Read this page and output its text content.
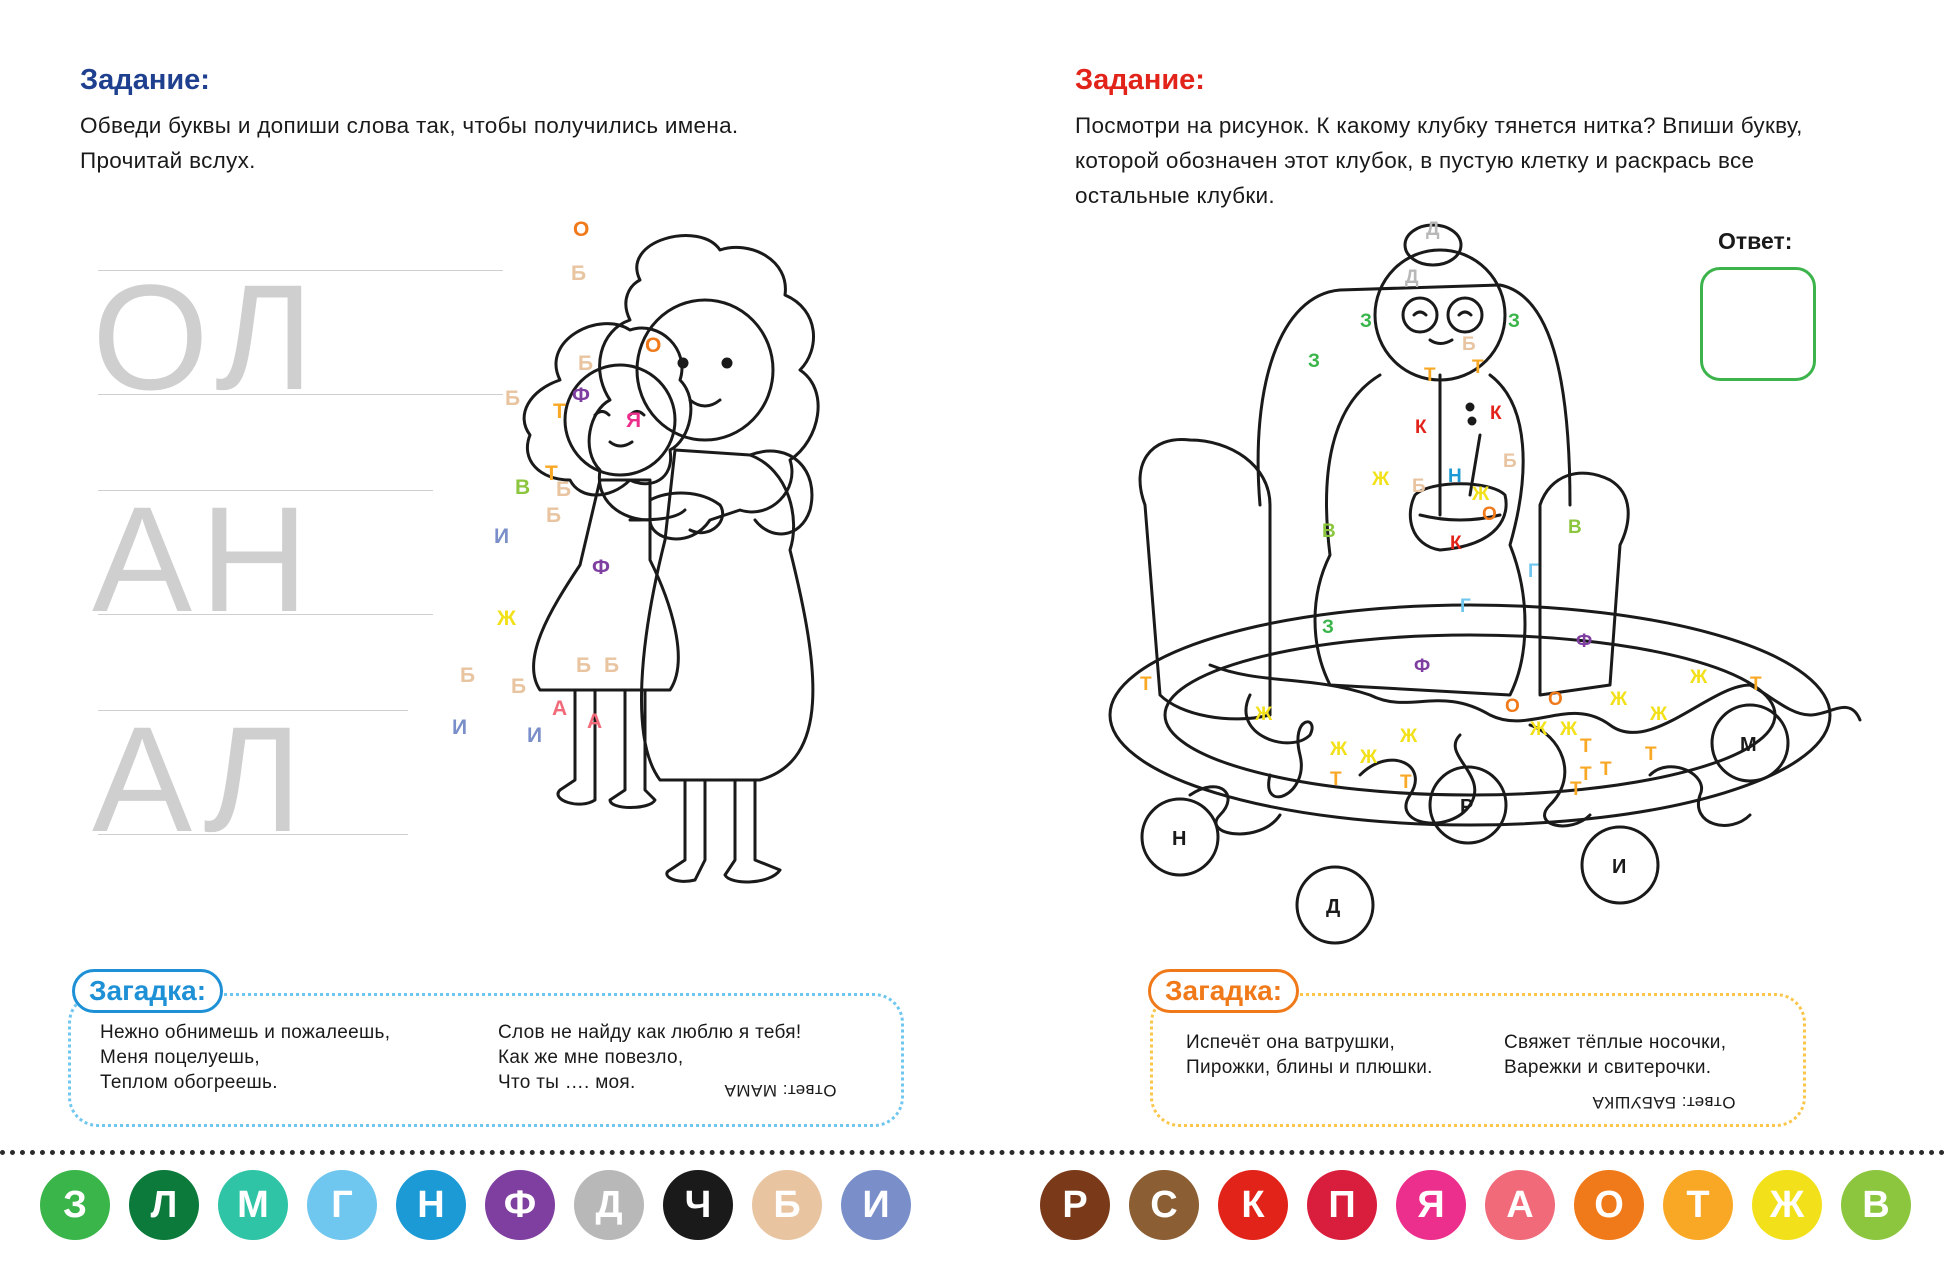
Задание:
Обведи буквы и допиши слова так, чтобы получились имена.
Прочитай вслух.
ОЛ
АН
АЛ
О
Б
О
Б
Т
Б Ф
Я
Т
В Б
Б
И
Ф
Ж
Б Б
Б Б
А
А
И	И
Задание:
Посмотри на рисунок. К какому клубку тянется нитка? Впиши букву,
которой обозначен этот клубок, в пустую клетку и раскрась все
остальные клубки.
Ответ:
Н
Д
Р
И
М
Д
Д
З	З
З
Б
Т Т
К
К
Ж	Н
Б Ж
О
К
Б
В	В
Г
Г
З
Ф
Ф
Т
Ж	О О
Ж Ж
Ж
Т
Ж
Ж
Ж	Т	Т
Т
Т
Т
Ж Ж
Т	Т
Загадка:
Нежно обнимешь и пожалеешь,
Меня поцелуешь,
Теплом обогреешь.
Слов не найду как люблю я тебя!
Как же мне повезло,
Что ты …. моя.	Ответ: МАМА
Загадка:
Испечёт она ватрушки,
Пирожки, блины и плюшки.
Свяжет тёплые носочки,
Варежки и свитерочки.
Ответ: БАБУШКА
З	Л	М	Г	Н	Ф	Д	Ч	Б	И	Р	С	К	П	Я	А	О	Т	Ж	В
